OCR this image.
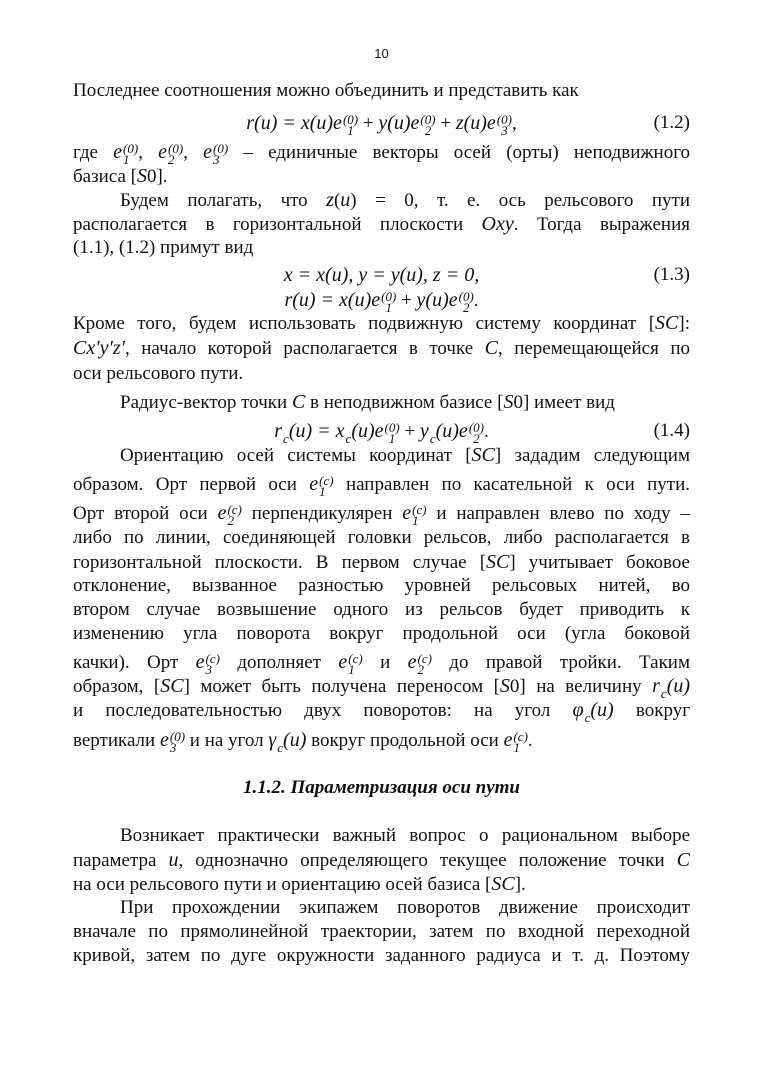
10
Последнее соотношения можно объединить и представить как
r(u) = x(u)e (0)
1 + y(u)e (0)
2 + z(u)e (0)
3 ,	(1.2)
где e (0)
1 , e (0)
2 , e (0)
3 – единичные векторы осей (орты) неподвижного
базиса [S0].
Будем полагать, что z(u) = 0, т. е. ось рельсового пути
располагается в горизонтальной плоскости Oxy. Тогда выражения
(1.1), (1.2) примут вид
x = x(u), y = y(u), z = 0,	(1.3)
r(u) = x(u)e (0)
1 + y(u)e (0)
2 .
Кроме того, будем использовать подвижную систему координат [SC]:
Cx′y′z′, начало которой располагается в точке C, перемещающейся по
оси рельсового пути.
Радиус-вектор точки C в неподвижном базисе [S0] имеет вид
r
c (u) = x
c (u)e (0)
1 + y
c (u)e (0)
2 .	(1.4)
Ориентацию осей системы координат [SC] зададим следующим
образом. Орт первой оси e (c)
1 направлен по касательной к оси пути.
Орт второй оси e (c)
2 перпендикулярен e (c)
1 и направлен влево по ходу –
либо по линии, соединяющей головки рельсов, либо располагается в
горизонтальной плоскости. В первом случае [SC] учитывает боковое
отклонение, вызванное разностью уровней рельсовых нитей, во
втором случае возвышение одного из рельсов будет приводить к
изменению угла поворота вокруг продольной оси (угла боковой
качки). Орт e (c)
3 дополняет e (c)
1 и e (c)
2 до правой тройки. Таким
образом, [SC] может быть получена переносом [S0] на величину r
c (u)
и последовательностью двух поворотов: на угол φ
c (u) вокруг
вертикали e (0)
3 и на угол γ
c (u) вокруг продольной оси e (c)
1 .
1.1.2. Параметризация оси пути
Возникает практически важный вопрос о рациональном выборе
параметра u, однозначно определяющего текущее положение точки C
на оси рельсового пути и ориентацию осей базиса [SC].
При прохождении экипажем поворотов движение происходит
вначале по прямолинейной траектории, затем по входной переходной
кривой, затем по дуге окружности заданного радиуса и т. д. Поэтому
